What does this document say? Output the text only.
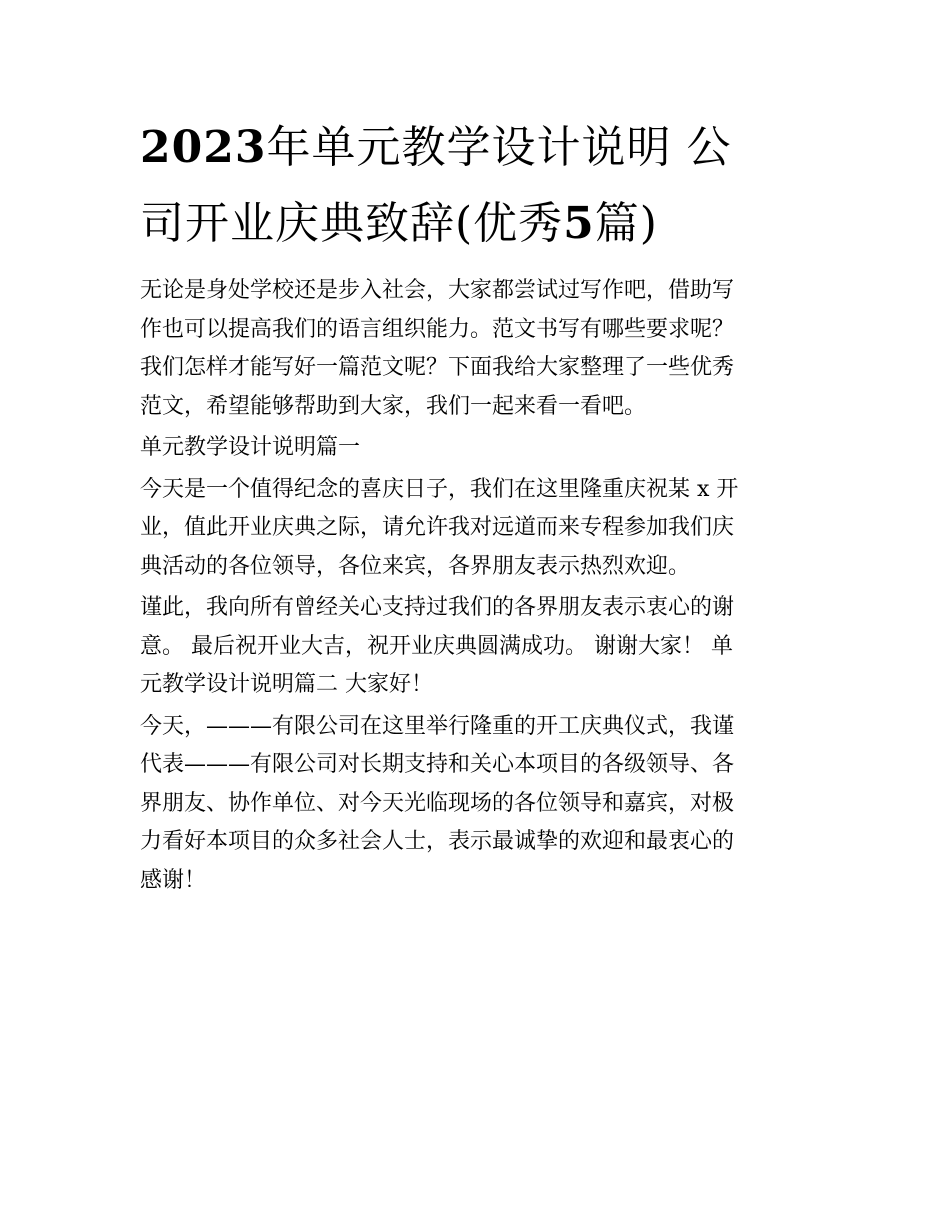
2023年单元教学设计说明 公
司开业庆典致辞(优秀5篇)

无论是身处学校还是步入社会，大家都尝试过写作吧，借助写
作也可以提高我们的语言组织能力。范文书写有哪些要求呢？
我们怎样才能写好一篇范文呢？下面我给大家整理了一些优秀
范文，希望能够帮助到大家，我们一起来看一看吧。

单元教学设计说明篇一

今天是一个值得纪念的喜庆日子，我们在这里隆重庆祝某 x 开
业，值此开业庆典之际，请允许我对远道而来专程参加我们庆
典活动的各位领导，各位来宾，各界朋友表示热烈欢迎。

谨此，我向所有曾经关心支持过我们的各界朋友表示衷心的谢
意。 最后祝开业大吉，祝开业庆典圆满成功。 谢谢大家！ 单
元教学设计说明篇二 大家好！

今天，———有限公司在这里举行隆重的开工庆典仪式，我谨
代表———有限公司对长期支持和关心本项目的各级领导、各
界朋友、协作单位、对今天光临现场的各位领导和嘉宾，对极
力看好本项目的众多社会人士，表示最诚挚的欢迎和最衷心的
感谢！
